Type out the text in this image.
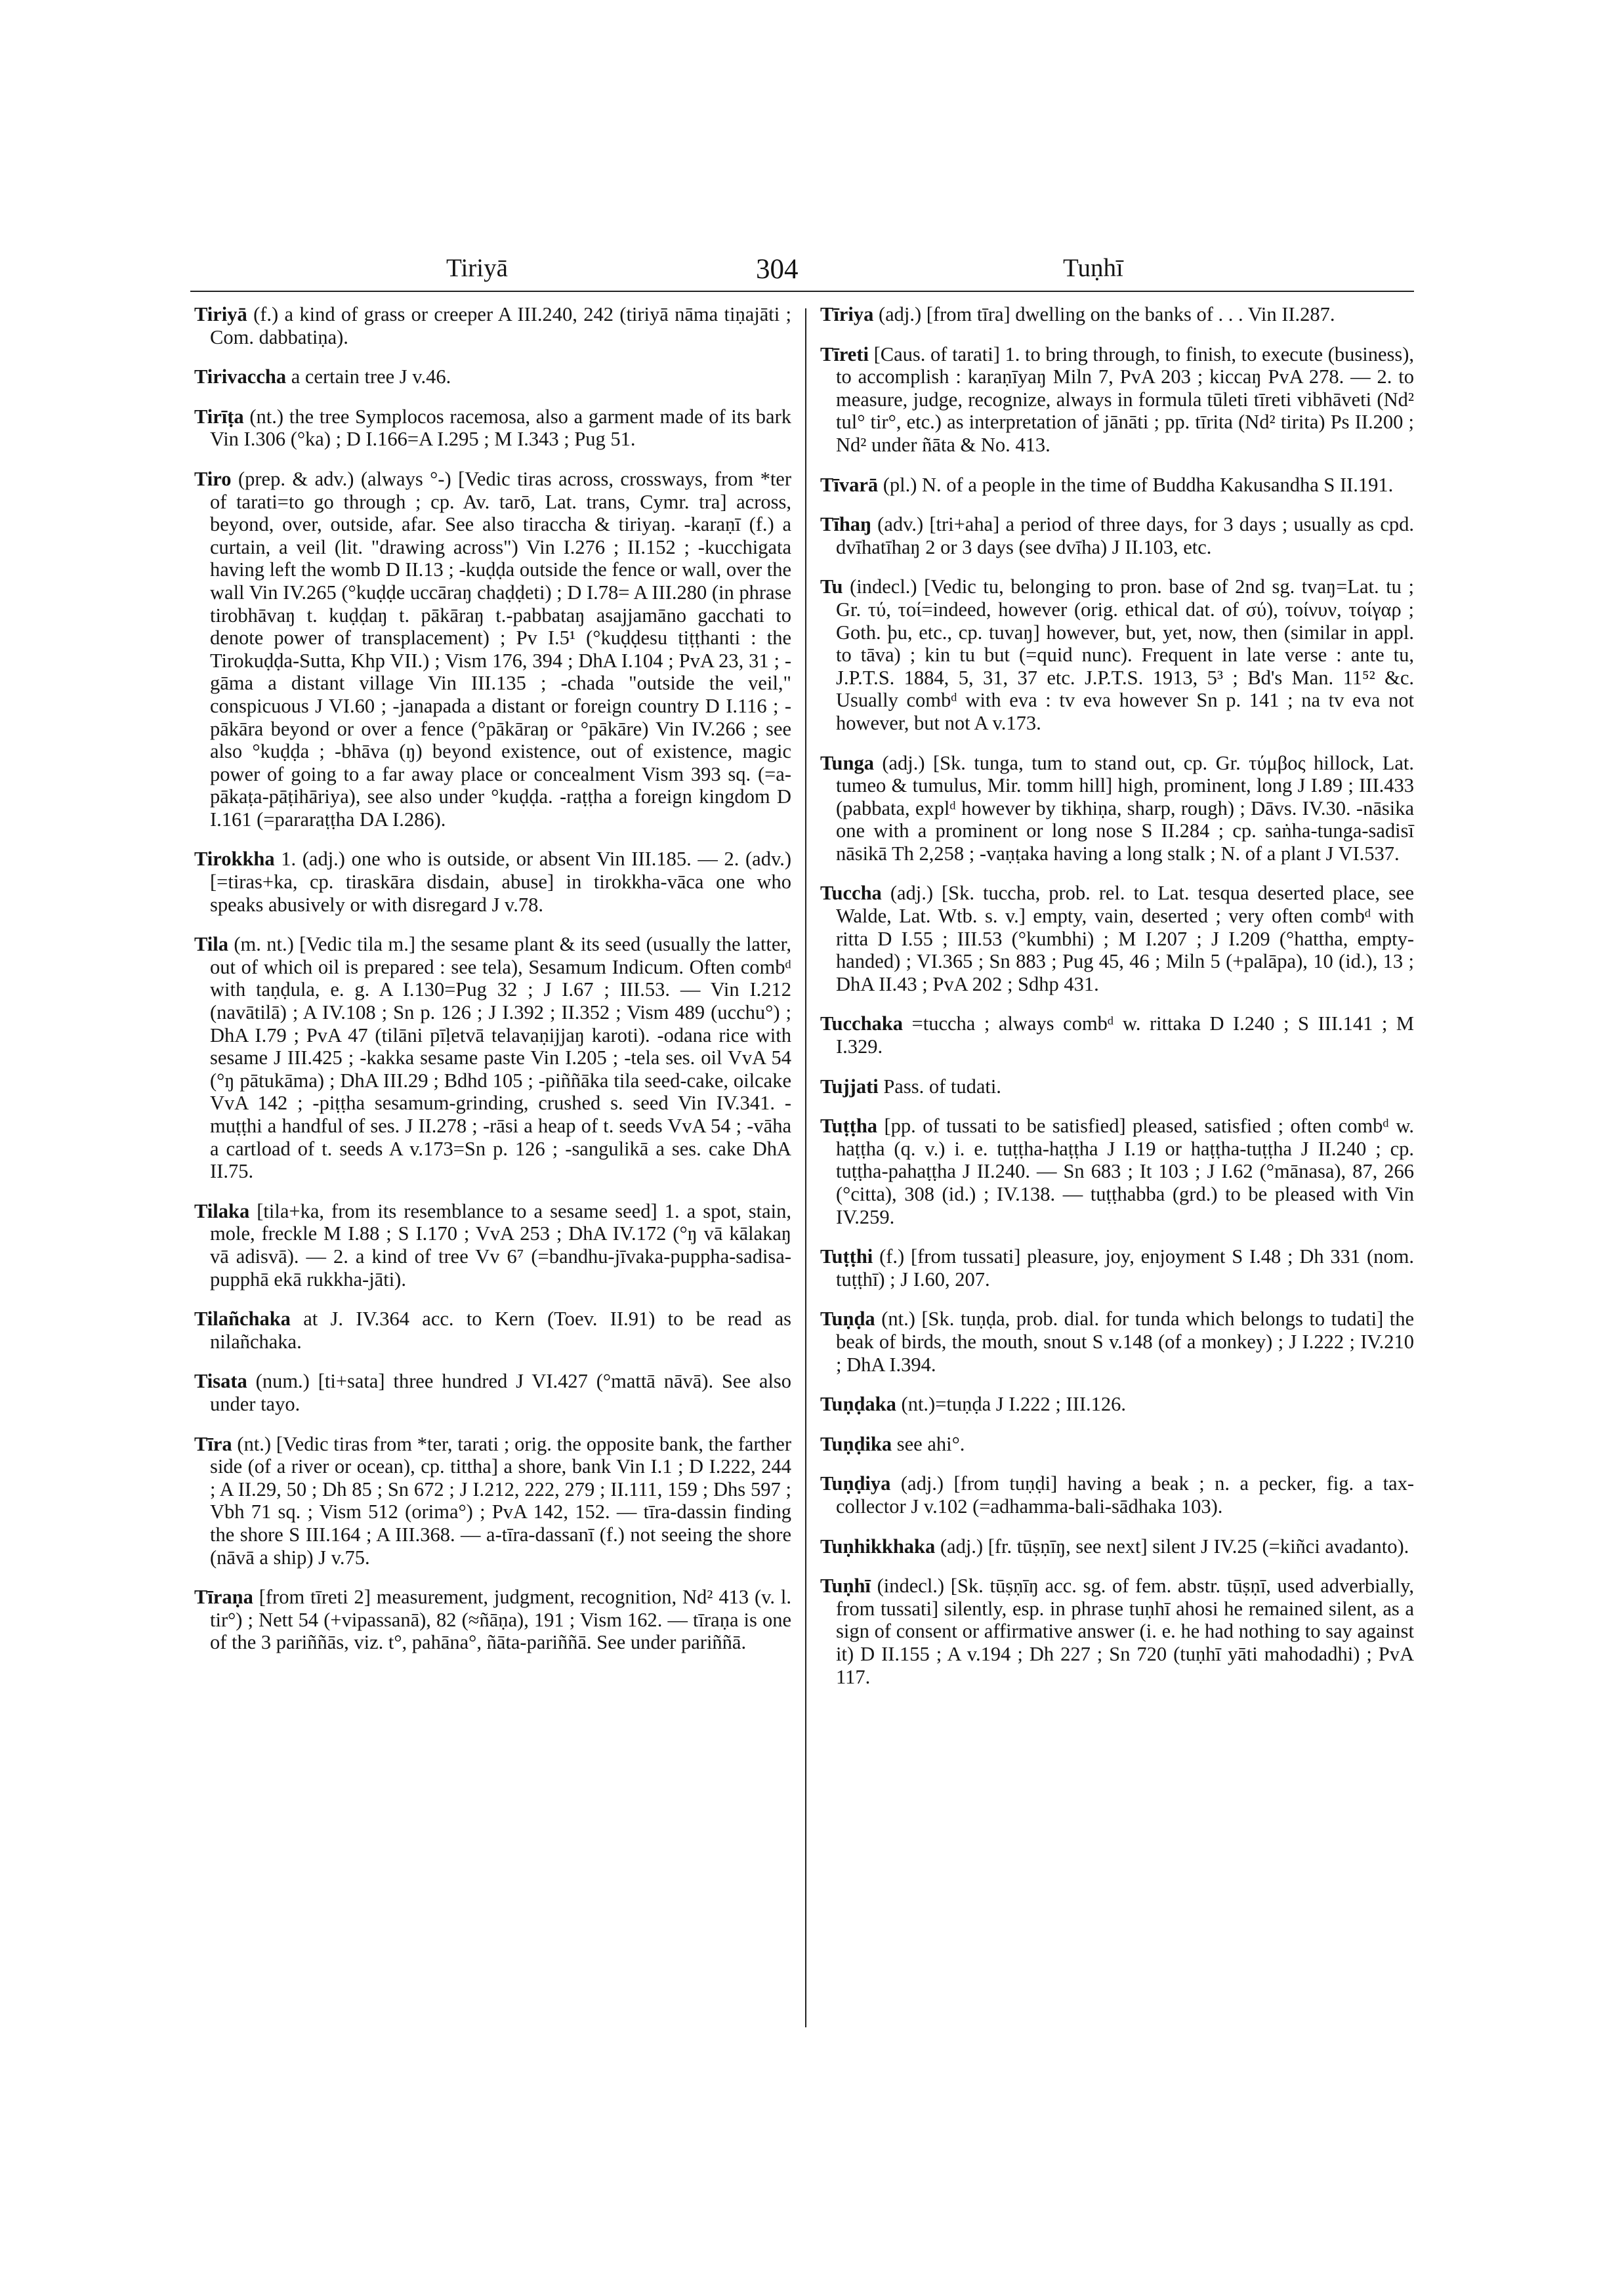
Tiriyā	304	Tuṇhī

Tiriyā (f.) a kind of grass or creeper A III.240, 242 (tiriyā nāma tiṇajāti ; Com. dabbatiṇa).

Tirivaccha a certain tree J v.46.

Tirīṭa (nt.) the tree Symplocos racemosa, also a garment made of its bark Vin I.306 (°ka) ; D I.166=A I.295 ; M I.343 ; Pug 51.

Tiro (prep. & adv.) (always °-) [Vedic tiras across, crossways, from *ter of tarati=to go through ; cp. Av. tarō, Lat. trans, Cymr. tra] across, beyond, over, outside, afar. See also tiraccha & tiriyaŋ. -karaṇī (f.) a curtain, a veil (lit. "drawing across") Vin I.276 ; II.152 ; -kucchigata having left the womb D II.13 ; -kuḍḍa outside the fence or wall, over the wall Vin IV.265 (°kuḍḍe uccāraŋ chaḍḍeti) ; D I.78= A III.280 (in phrase tirobhāvaŋ t. kuḍḍaŋ t. pākāraŋ t.-pabbataŋ asajjamāno gacchati to denote power of transplacement) ; Pv I.5¹ (°kuḍḍesu tiṭṭhanti : the Tirokuḍḍa-Sutta, Khp VII.) ; Vism 176, 394 ; DhA I.104 ; PvA 23, 31 ; -gāma a distant village Vin III.135 ; -chada "outside the veil," conspicuous J VI.60 ; -janapada a distant or foreign country D I.116 ; -pākāra beyond or over a fence (°pākāraŋ or °pākāre) Vin IV.266 ; see also °kuḍḍa ; -bhāva (ŋ) beyond existence, out of existence, magic power of going to a far away place or concealment Vism 393 sq. (=a-pākaṭa-pāṭihāriya), see also under °kuḍḍa. -raṭṭha a foreign kingdom D I.161 (=pararaṭṭha DA I.286).

Tirokkha 1. (adj.) one who is outside, or absent Vin III.185. — 2. (adv.) [=tiras+ka, cp. tiraskāra disdain, abuse] in tirokkha-vāca one who speaks abusively or with disregard J v.78.

Tila (m. nt.) [Vedic tila m.] the sesame plant & its seed (usually the latter, out of which oil is prepared : see tela), Sesamum Indicum. Often combᵈ with taṇḍula, e. g. A I.130=Pug 32 ; J I.67 ; III.53. — Vin I.212 (navātilā) ; A IV.108 ; Sn p. 126 ; J I.392 ; II.352 ; Vism 489 (ucchu°) ; DhA I.79 ; PvA 47 (tilāni pīḷetvā telavaṇijjaŋ karoti). -odana rice with sesame J III.425 ; -kakka sesame paste Vin I.205 ; -tela ses. oil VvA 54 (°ŋ pātukāma) ; DhA III.29 ; Bdhd 105 ; -piññāka tila seed-cake, oilcake VvA 142 ; -piṭṭha sesamum-grinding, crushed s. seed Vin IV.341. -muṭṭhi a handful of ses. J II.278 ; -rāsi a heap of t. seeds VvA 54 ; -vāha a cartload of t. seeds A v.173=Sn p. 126 ; -sangulikā a ses. cake DhA II.75.

Tilaka [tila+ka, from its resemblance to a sesame seed] 1. a spot, stain, mole, freckle M I.88 ; S I.170 ; VvA 253 ; DhA IV.172 (°ŋ vā kālakaŋ vā adisvā). — 2. a kind of tree Vv 6⁷ (=bandhu-jīvaka-puppha-sadisa-pupphā ekā rukkha-jāti).

Tilañchaka at J. IV.364 acc. to Kern (Toev. II.91) to be read as nilañchaka.

Tisata (num.) [ti+sata] three hundred J VI.427 (°mattā nāvā). See also under tayo.

Tīra (nt.) [Vedic tiras from *ter, tarati ; orig. the opposite bank, the farther side (of a river or ocean), cp. tittha] a shore, bank Vin I.1 ; D I.222, 244 ; A II.29, 50 ; Dh 85 ; Sn 672 ; J I.212, 222, 279 ; II.111, 159 ; Dhs 597 ; Vbh 71 sq. ; Vism 512 (orima°) ; PvA 142, 152. — tīra-dassin finding the shore S III.164 ; A III.368. — a-tīra-dassanī (f.) not seeing the shore (nāvā a ship) J v.75.

Tīraṇa [from tīreti 2] measurement, judgment, recognition, Nd² 413 (v. l. tir°) ; Nett 54 (+vipassanā), 82 (≈ñāṇa), 191 ; Vism 162. — tīraṇa is one of the 3 pariññās, viz. t°, pahāna°, ñāta-pariññā. See under pariññā.

Tīriya (adj.) [from tīra] dwelling on the banks of . . . Vin II.287.

Tīreti [Caus. of tarati] 1. to bring through, to finish, to execute (business), to accomplish : karaṇīyaŋ Miln 7, PvA 203 ; kiccaŋ PvA 278. — 2. to measure, judge, recognize, always in formula tūleti tīreti vibhāveti (Nd² tul° tir°, etc.) as interpretation of jānāti ; pp. tīrita (Nd² tirita) Ps II.200 ; Nd² under ñāta & No. 413.

Tīvarā (pl.) N. of a people in the time of Buddha Kakusandha S II.191.

Tīhaŋ (adv.) [tri+aha] a period of three days, for 3 days ; usually as cpd. dvīhatīhaŋ 2 or 3 days (see dvīha) J II.103, etc.

Tu (indecl.) [Vedic tu, belonging to pron. base of 2nd sg. tvaŋ=Lat. tu ; Gr. τύ, τοί=indeed, however (orig. ethical dat. of σύ), τοίνυν, τοίγαρ ; Goth. þu, etc., cp. tuvaŋ] however, but, yet, now, then (similar in appl. to tāva) ; kin tu but (=quid nunc). Frequent in late verse : ante tu, J.P.T.S. 1884, 5, 31, 37 etc. J.P.T.S. 1913, 5³ ; Bd's Man. 11⁵² &c. Usually combᵈ with eva : tv eva however Sn p. 141 ; na tv eva not however, but not A v.173.

Tunga (adj.) [Sk. tunga, tum to stand out, cp. Gr. τύμβος hillock, Lat. tumeo & tumulus, Mir. tomm hill] high, prominent, long J I.89 ; III.433 (pabbata, explᵈ however by tikhiṇa, sharp, rough) ; Dāvs. IV.30. -nāsika one with a prominent or long nose S II.284 ; cp. saṅha-tunga-sadisī nāsikā Th 2,258 ; -vaṇṭaka having a long stalk ; N. of a plant J VI.537.

Tuccha (adj.) [Sk. tuccha, prob. rel. to Lat. tesqua deserted place, see Walde, Lat. Wtb. s. v.] empty, vain, deserted ; very often combᵈ with rittа D I.55 ; III.53 (°kumbhi) ; M I.207 ; J I.209 (°hattha, empty-handed) ; VI.365 ; Sn 883 ; Pug 45, 46 ; Miln 5 (+palāpa), 10 (id.), 13 ; DhA II.43 ; PvA 202 ; Sdhp 431.

Tucchaka =tuccha ; always combᵈ w. rittaka D I.240 ; S III.141 ; M I.329.

Tujjati Pass. of tudati.

Tuṭṭha [pp. of tussati to be satisfied] pleased, satisfied ; often combᵈ w. haṭṭha (q. v.) i. e. tuṭṭha-haṭṭha J I.19 or haṭṭha-tuṭṭha J II.240 ; cp. tuṭṭha-pahaṭṭha J II.240. — Sn 683 ; It 103 ; J I.62 (°mānasa), 87, 266 (°citta), 308 (id.) ; IV.138. — tuṭṭhabba (grd.) to be pleased with Vin IV.259.

Tuṭṭhi (f.) [from tussati] pleasure, joy, enjoyment S I.48 ; Dh 331 (nom. tuṭṭhī) ; J I.60, 207.

Tuṇḍa (nt.) [Sk. tuṇḍa, prob. dial. for tunda which belongs to tudati] the beak of birds, the mouth, snout S v.148 (of a monkey) ; J I.222 ; IV.210 ; DhA I.394.

Tuṇḍaka (nt.)=tuṇḍa J I.222 ; III.126.

Tuṇḍika see ahi°.

Tuṇḍiya (adj.) [from tuṇḍi] having a beak ; n. a pecker, fig. a tax-collector J v.102 (=adhamma-bali-sādhaka 103).

Tuṇhikkhaka (adj.) [fr. tūṣṇīŋ, see next] silent J IV.25 (=kiñci avadanto).

Tuṇhī (indecl.) [Sk. tūṣṇīŋ acc. sg. of fem. abstr. tūṣṇī, used adverbially, from tussati] silently, esp. in phrase tuṇhī ahosi he remained silent, as a sign of consent or affirmative answer (i. e. he had nothing to say against it) D II.155 ; A v.194 ; Dh 227 ; Sn 720 (tuṇhī yāti mahodadhi) ; PvA 117.
